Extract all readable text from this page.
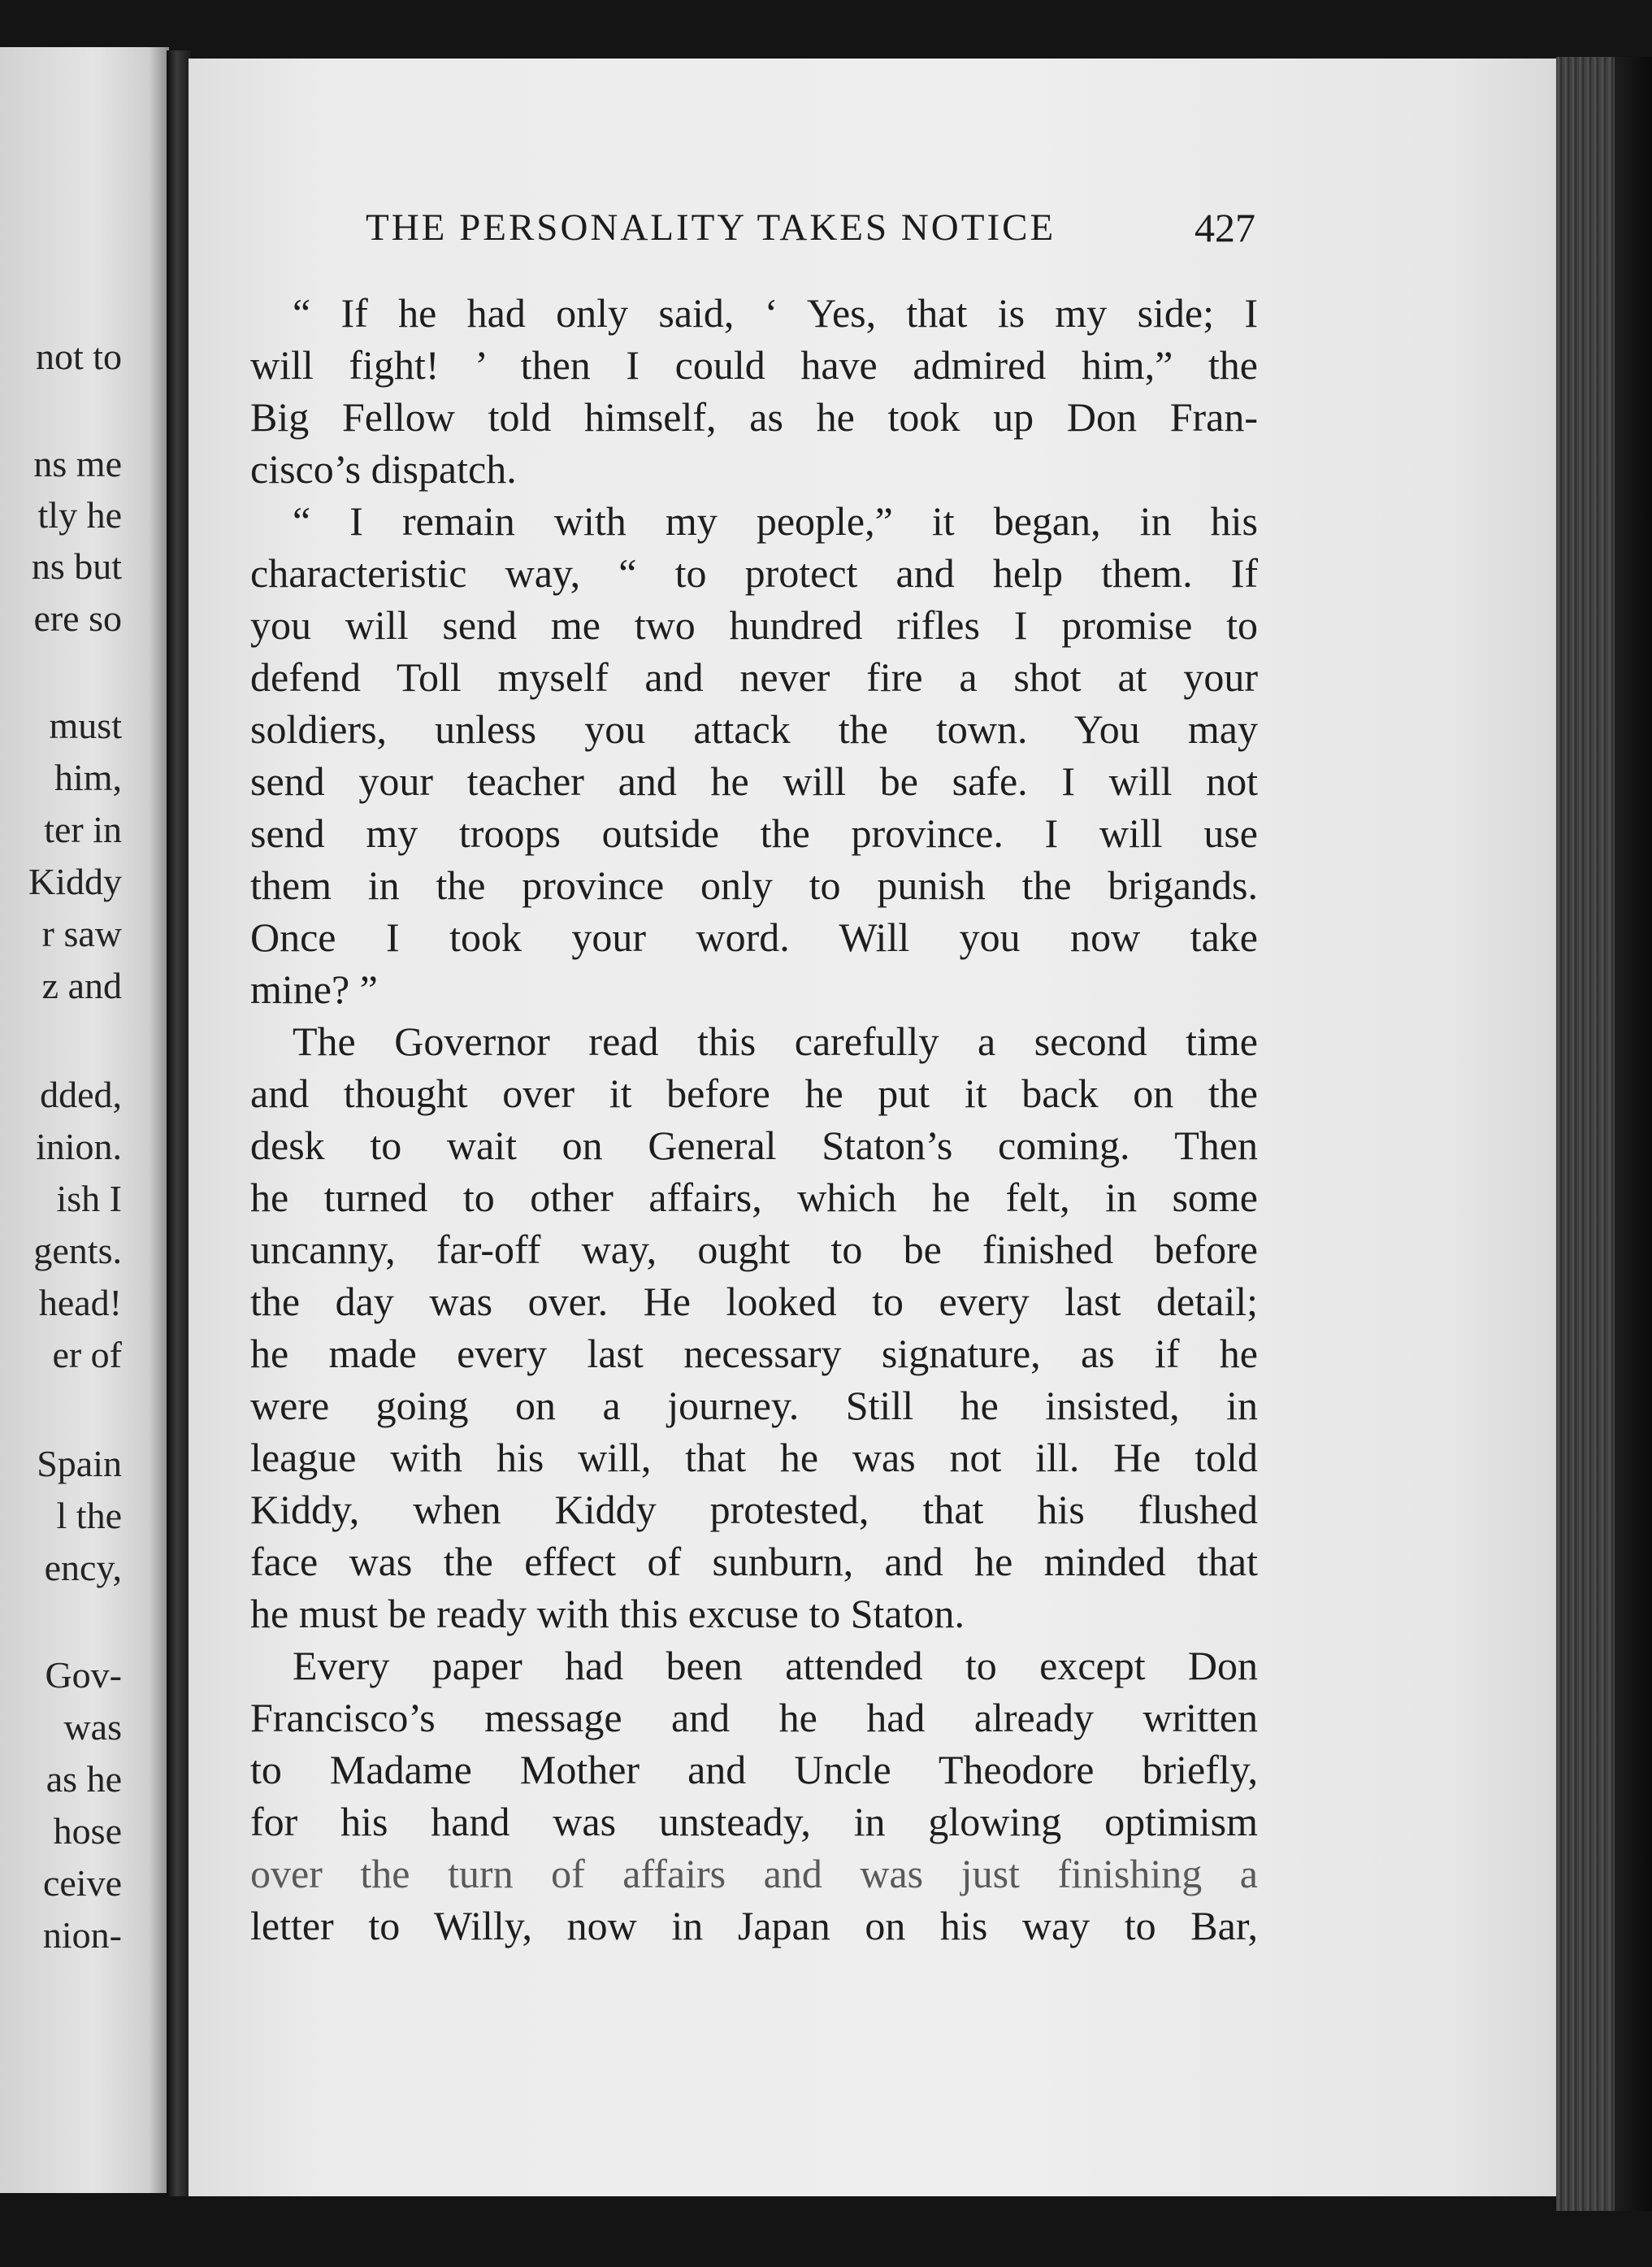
not to
ns me
tly he
ns but
ere so
must
him,
ter in
Kiddy
r saw
z and
dded,
inion.
ish I
gents.
head!
er of
Spain
l the
ency,
Gov-
was
as he
hose
ceive
nion-
THE PERSONALITY TAKES NOTICE	427
“ If he had only said, ‘ Yes, that is my side; I
will fight! ’ then I could have admired him,” the
Big Fellow told himself, as he took up Don Fran-
cisco’s dispatch.
“ I remain with my people,” it began, in his
characteristic way, “ to protect and help them. If
you will send me two hundred rifles I promise to
defend Toll myself and never fire a shot at your
soldiers, unless you attack the town. You may
send your teacher and he will be safe. I will not
send my troops outside the province. I will use
them in the province only to punish the brigands.
Once I took your word. Will you now take
mine? ”
The Governor read this carefully a second time
and thought over it before he put it back on the
desk to wait on General Staton’s coming. Then
he turned to other affairs, which he felt, in some
uncanny, far-off way, ought to be finished before
the day was over. He looked to every last detail;
he made every last necessary signature, as if he
were going on a journey. Still he insisted, in
league with his will, that he was not ill. He told
Kiddy, when Kiddy protested, that his flushed
face was the effect of sunburn, and he minded that
he must be ready with this excuse to Staton.
Every paper had been attended to except Don
Francisco’s message and he had already written
to Madame Mother and Uncle Theodore briefly,
for his hand was unsteady, in glowing optimism
over the turn of affairs and was just finishing a
letter to Willy, now in Japan on his way to Bar,
